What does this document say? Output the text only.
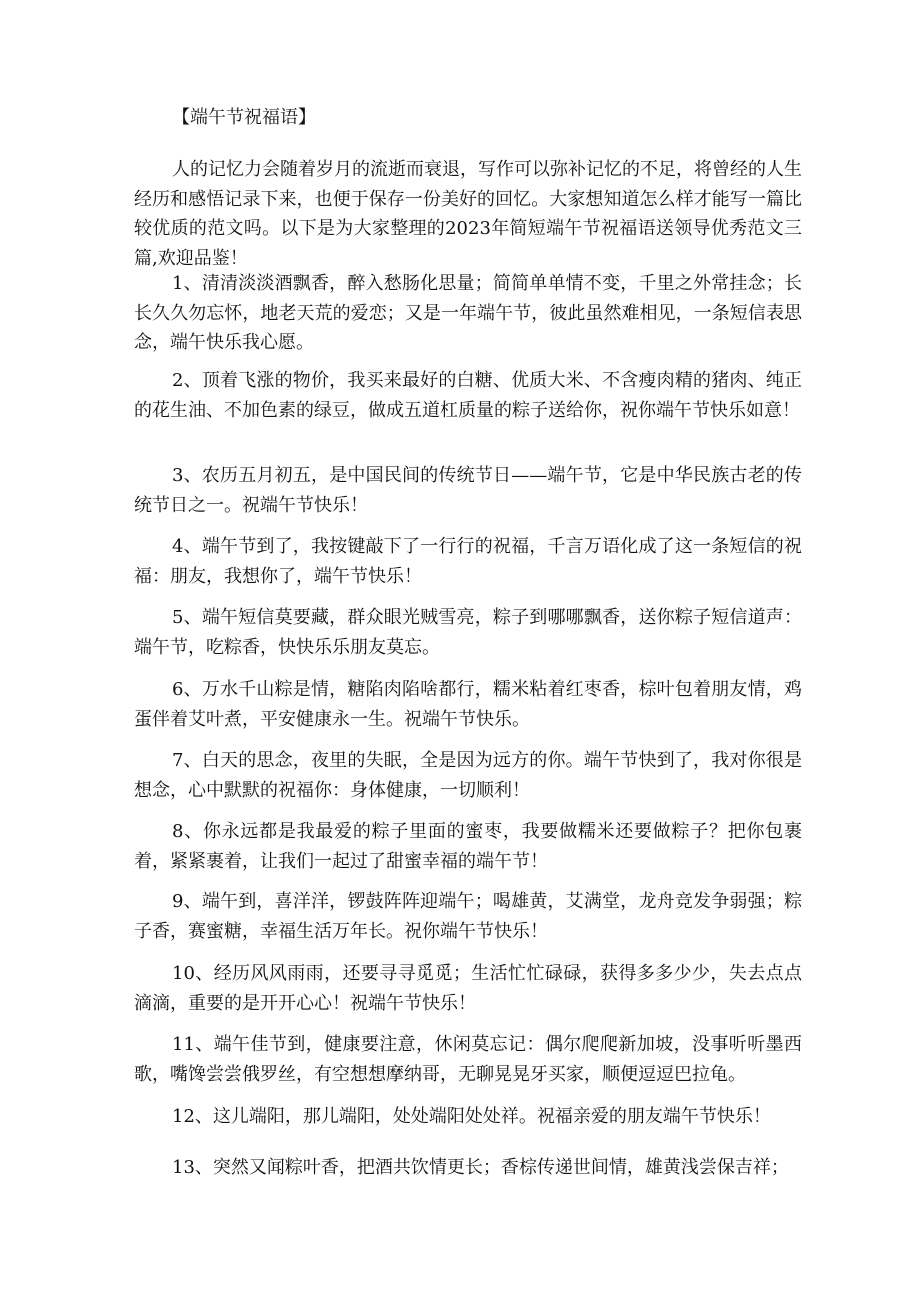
【端午节祝福语】

人的记忆力会随着岁月的流逝而衰退，写作可以弥补记忆的不足，将曾经的人生经历和感悟记录下来，也便于保存一份美好的回忆。大家想知道怎么样才能写一篇比较优质的范文吗。以下是为大家整理的2023年简短端午节祝福语送领导优秀范文三篇,欢迎品鉴！

1、清清淡淡酒飘香，醉入愁肠化思量；简简单单情不变，千里之外常挂念；长长久久勿忘怀，地老天荒的爱恋；又是一年端午节，彼此虽然难相见，一条短信表思念，端午快乐我心愿。

2、顶着飞涨的物价，我买来最好的白糖、优质大米、不含瘦肉精的猪肉、纯正的花生油、不加色素的绿豆，做成五道杠质量的粽子送给你，祝你端午节快乐如意！

3、农历五月初五，是中国民间的传统节日——端午节，它是中华民族古老的传统节日之一。祝端午节快乐！

4、端午节到了，我按键敲下了一行行的祝福，千言万语化成了这一条短信的祝福：朋友，我想你了，端午节快乐！

5、端午短信莫要藏，群众眼光贼雪亮，粽子到哪哪飘香，送你粽子短信道声：端午节，吃粽香，快快乐乐朋友莫忘。

6、万水千山粽是情，糖陷肉陷啥都行，糯米粘着红枣香，棕叶包着朋友情，鸡蛋伴着艾叶煮，平安健康永一生。祝端午节快乐。

7、白天的思念，夜里的失眠，全是因为远方的你。端午节快到了，我对你很是想念，心中默默的祝福你：身体健康，一切顺利！

8、你永远都是我最爱的粽子里面的蜜枣，我要做糯米还要做粽子？把你包裹着，紧紧裹着，让我们一起过了甜蜜幸福的端午节！

9、端午到，喜洋洋，锣鼓阵阵迎端午；喝雄黄，艾满堂，龙舟竞发争弱强；粽子香，赛蜜糖，幸福生活万年长。祝你端午节快乐！

10、经历风风雨雨，还要寻寻觅觅；生活忙忙碌碌，获得多多少少，失去点点滴滴，重要的是开开心心！祝端午节快乐！

11、端午佳节到，健康要注意，休闲莫忘记：偶尔爬爬新加坡，没事听听墨西歌，嘴馋尝尝俄罗丝，有空想想摩纳哥，无聊晃晃牙买家，顺便逗逗巴拉龟。

12、这儿端阳，那儿端阳，处处端阳处处祥。祝福亲爱的朋友端午节快乐！

13、突然又闻粽叶香，把酒共饮情更长；香棕传递世间情，雄黄浅尝保吉祥；
